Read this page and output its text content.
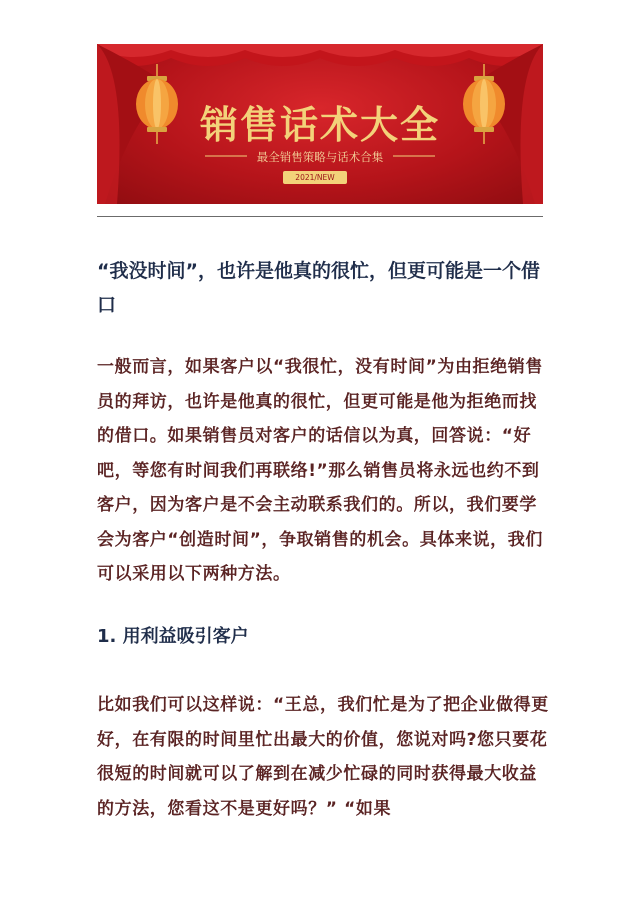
销售话术大全
最全销售策略与话术合集
2021/NEW
“我没时间”，也许是他真的很忙，但更可能是一个借口
一般而言，如果客户以“我很忙，没有时间”为由拒绝销售员的拜访，也许是他真的很忙，但更可能是他为拒绝而找的借口。如果销售员对客户的话信以为真，回答说：“好吧，等您有时间我们再联络!”那么销售员将永远也约不到客户，因为客户是不会主动联系我们的。所以，我们要学会为客户“创造时间”，争取销售的机会。具体来说，我们可以采用以下两种方法。
1. 用利益吸引客户
比如我们可以这样说：“王总，我们忙是为了把企业做得更好，在有限的时间里忙出最大的价值，您说对吗?您只要花很短的时间就可以了解到在减少忙碌的同时获得最大收益的方法，您看这不是更好吗？” “如果
